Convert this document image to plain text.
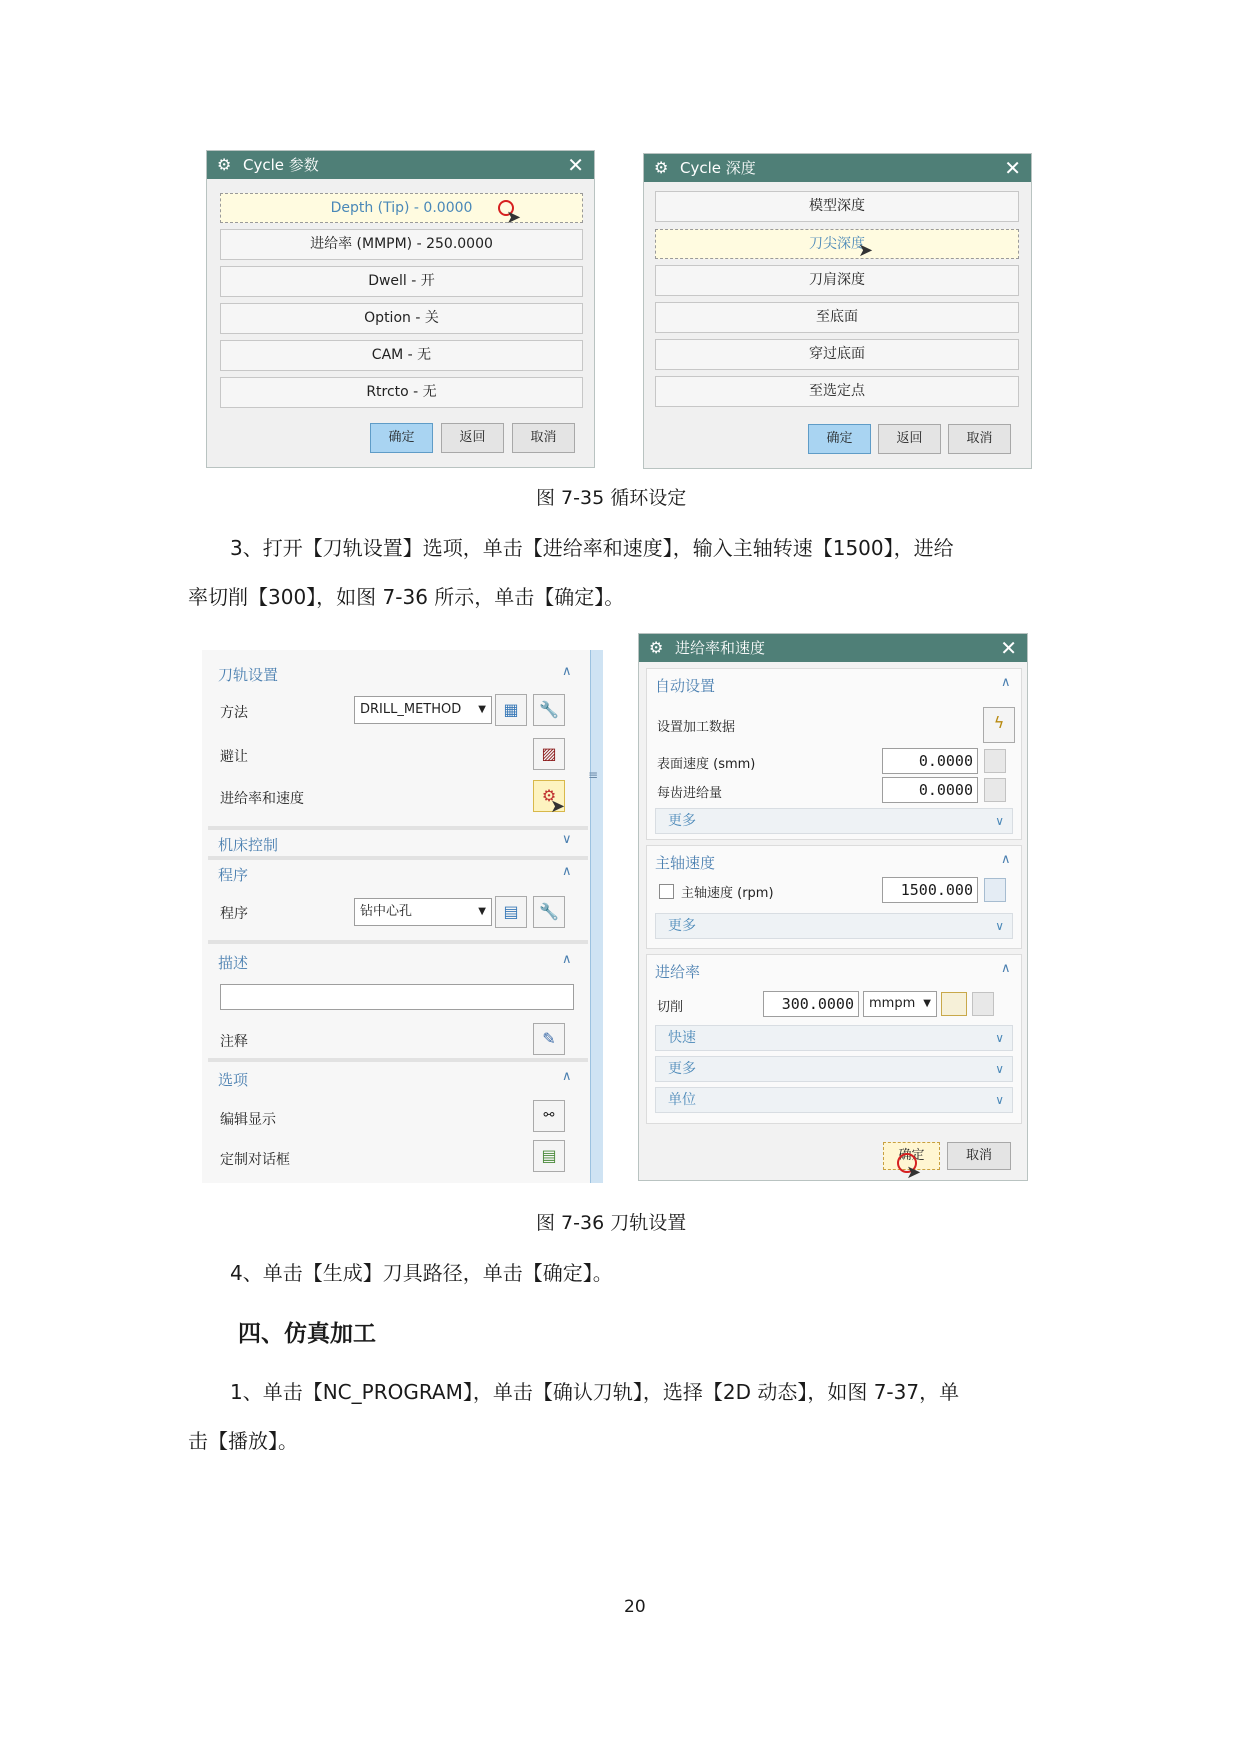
⚙ Cycle 参数	✕
Depth (Tip) - 0.0000
进给率 (MMPM) - 250.0000
Dwell - 开
Option - 关
CAM - 无
Rtrcto - 无
确定	返回	取消
➤
⚙ Cycle 深度	✕
模型深度
刀尖深度
刀肩深度
至底面
穿过底面
至选定点
确定	返回	取消
➤
图 7-35 循环设定
3、打开【刀轨设置】选项，单击【进给率和速度】，输入主轴转速【1500】，进给
率切削【300】，如图 7-36 所示，单击【确定】。
≡
刀轨设置	∧
方法	DRILL_METHOD ▼	▦	🔧
避让	▨
进给率和速度	⚙
➤
机床控制	∨
程序	∧
程序	钻中心孔	▼	▤	🔧
描述	∧
注释	✎
选项	∧
编辑显示	⚯
定制对话框	▤
⚙ 进给率和速度	✕
自动设置	∧
设置加工数据	ϟ
表面速度 (smm)	0.0000
每齿进给量	0.0000
更多	∨
主轴速度	∧
主轴速度 (rpm)	1500.000
更多	∨
进给率	∧
切削	300.0000	mmpm ▼
快速	∨
更多	∨
单位	∨
确定	取消
➤
图 7-36 刀轨设置
4、单击【生成】刀具路径，单击【确定】。
四、仿真加工
1、单击【NC_PROGRAM】，单击【确认刀轨】，选择【2D 动态】，如图 7-37，单
击【播放】。
20
